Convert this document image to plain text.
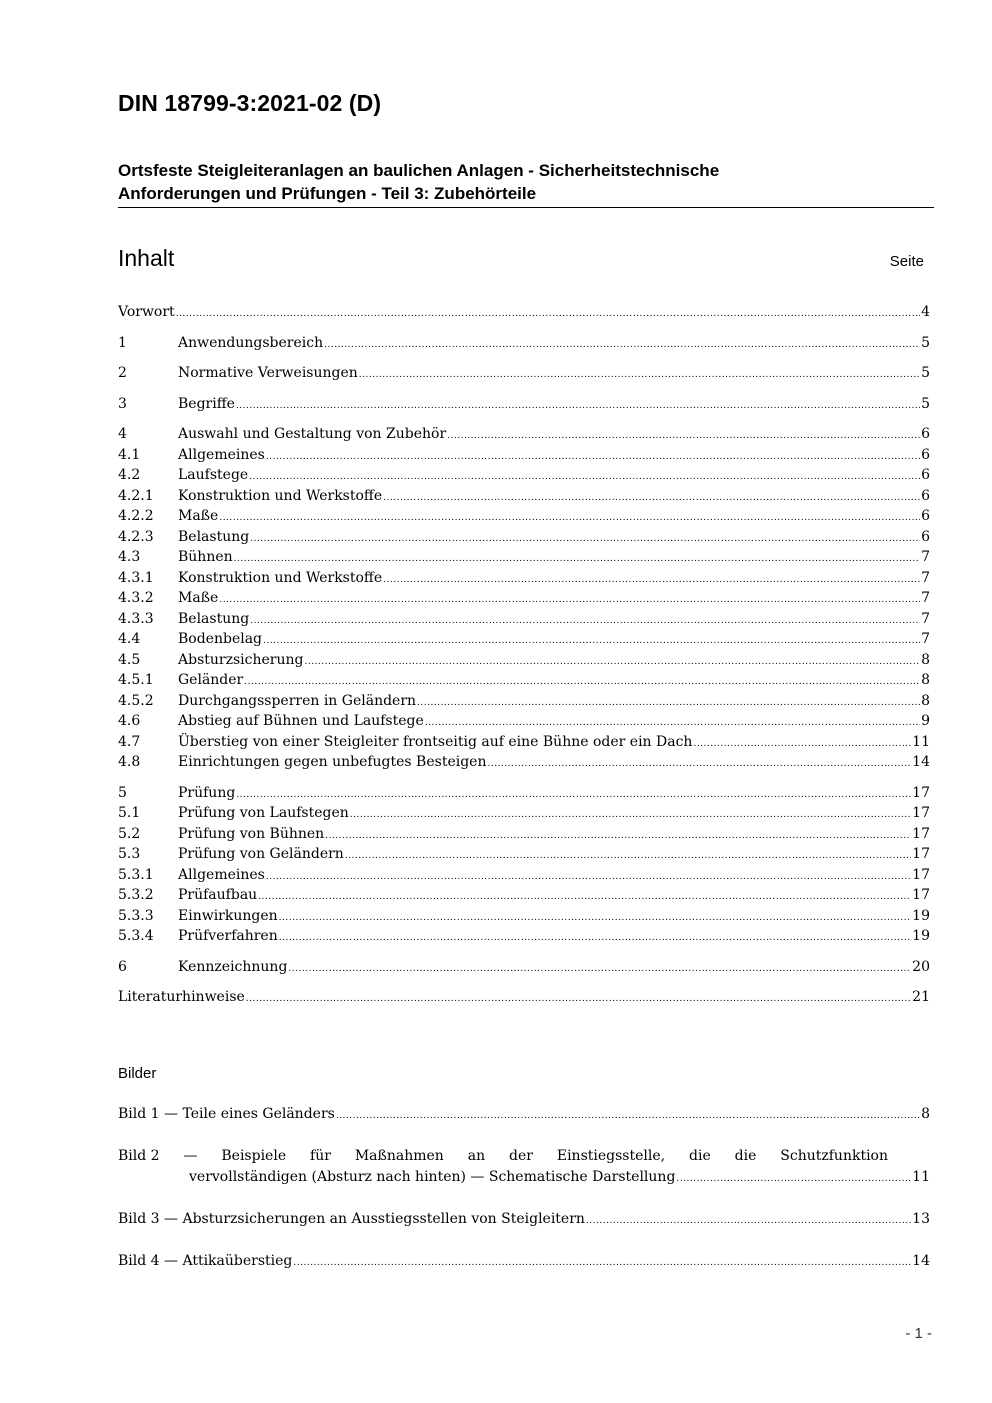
DIN 18799-3:2021-02 (D)
Ortsfeste Steigleiteranlagen an baulichen Anlagen - Sicherheitstechnische
Anforderungen und Prüfungen - Teil 3: Zubehörteile
Inhalt	Seite
Vorwort .....	4
1	Anwendungsbereich .....	5
2	Normative Verweisungen .....	5
3	Begriffe .....	5
4	Auswahl und Gestaltung von Zubehör .....	6
4.1	Allgemeines .....	6
4.2	Laufstege .....	6
4.2.1	Konstruktion und Werkstoffe .....	6
4.2.2	Maße .....	6
4.2.3	Belastung .....	6
4.3	Bühnen .....	7
4.3.1	Konstruktion und Werkstoffe .....	7
4.3.2	Maße .....	7
4.3.3	Belastung .....	7
4.4	Bodenbelag .....	7
4.5	Absturzsicherung .....	8
4.5.1	Geländer .....	8
4.5.2	Durchgangssperren in Geländern .....	8
4.6	Abstieg auf Bühnen und Laufstege .....	9
4.7	Überstieg von einer Steigleiter frontseitig auf eine Bühne oder ein Dach .....	11
4.8	Einrichtungen gegen unbefugtes Besteigen .....	14
5	Prüfung .....	17
5.1	Prüfung von Laufstegen .....	17
5.2	Prüfung von Bühnen .....	17
5.3	Prüfung von Geländern .....	17
5.3.1	Allgemeines .....	17
5.3.2	Prüfaufbau .....	17
5.3.3	Einwirkungen .....	19
5.3.4	Prüfverfahren .....	19
6	Kennzeichnung .....	20
Literaturhinweise .....	21
Bilder
Bild 1 — Teile eines Geländers .....	8
Bild 2 — Beispiele für Maßnahmen an der Einstiegsstelle, die die Schutzfunktion
vervollständigen (Absturz nach hinten) — Schematische Darstellung .....	11
Bild 3 — Absturzsicherungen an Ausstiegsstellen von Steigleitern .....	13
Bild 4 — Attikaüberstieg .....	14
- 1 -
